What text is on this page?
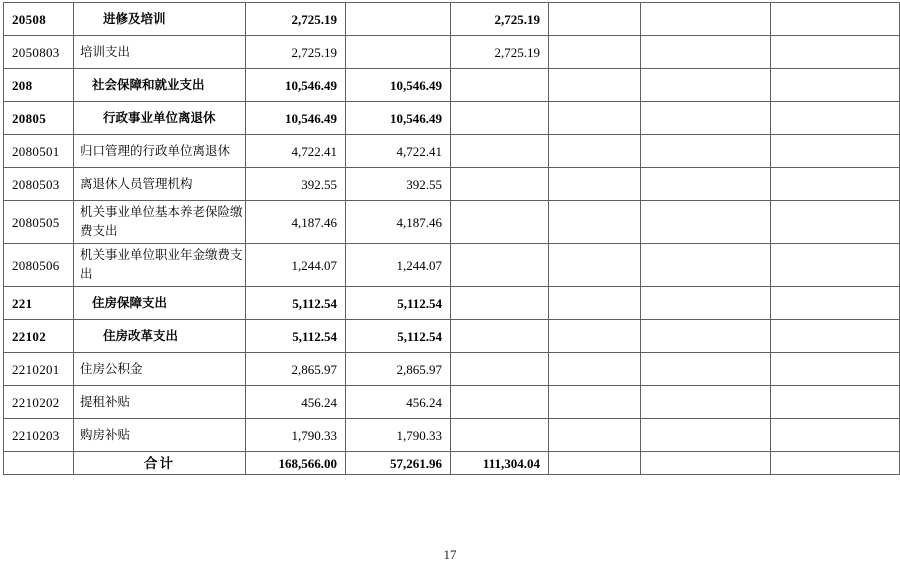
20508	进修及培训	2,725.19		2,725.19			
2050803	培训支出	2,725.19		2,725.19			
208	社会保障和就业支出	10,546.49	10,546.49				
20805	行政事业单位离退休	10,546.49	10,546.49				
2080501	归口管理的行政单位离退休	4,722.41	4,722.41				
2080503	离退休人员管理机构	392.55	392.55				
2080505	机关事业单位基本养老保险缴费支出	4,187.46	4,187.46				
2080506	机关事业单位职业年金缴费支出	1,244.07	1,244.07				
221	住房保障支出	5,112.54	5,112.54				
22102	住房改革支出	5,112.54	5,112.54				
2210201	住房公积金	2,865.97	2,865.97				
2210202	提租补贴	456.24	456.24				
2210203	购房补贴	1,790.33	1,790.33				
	合计	168,566.00	57,261.96	111,304.04			
17
